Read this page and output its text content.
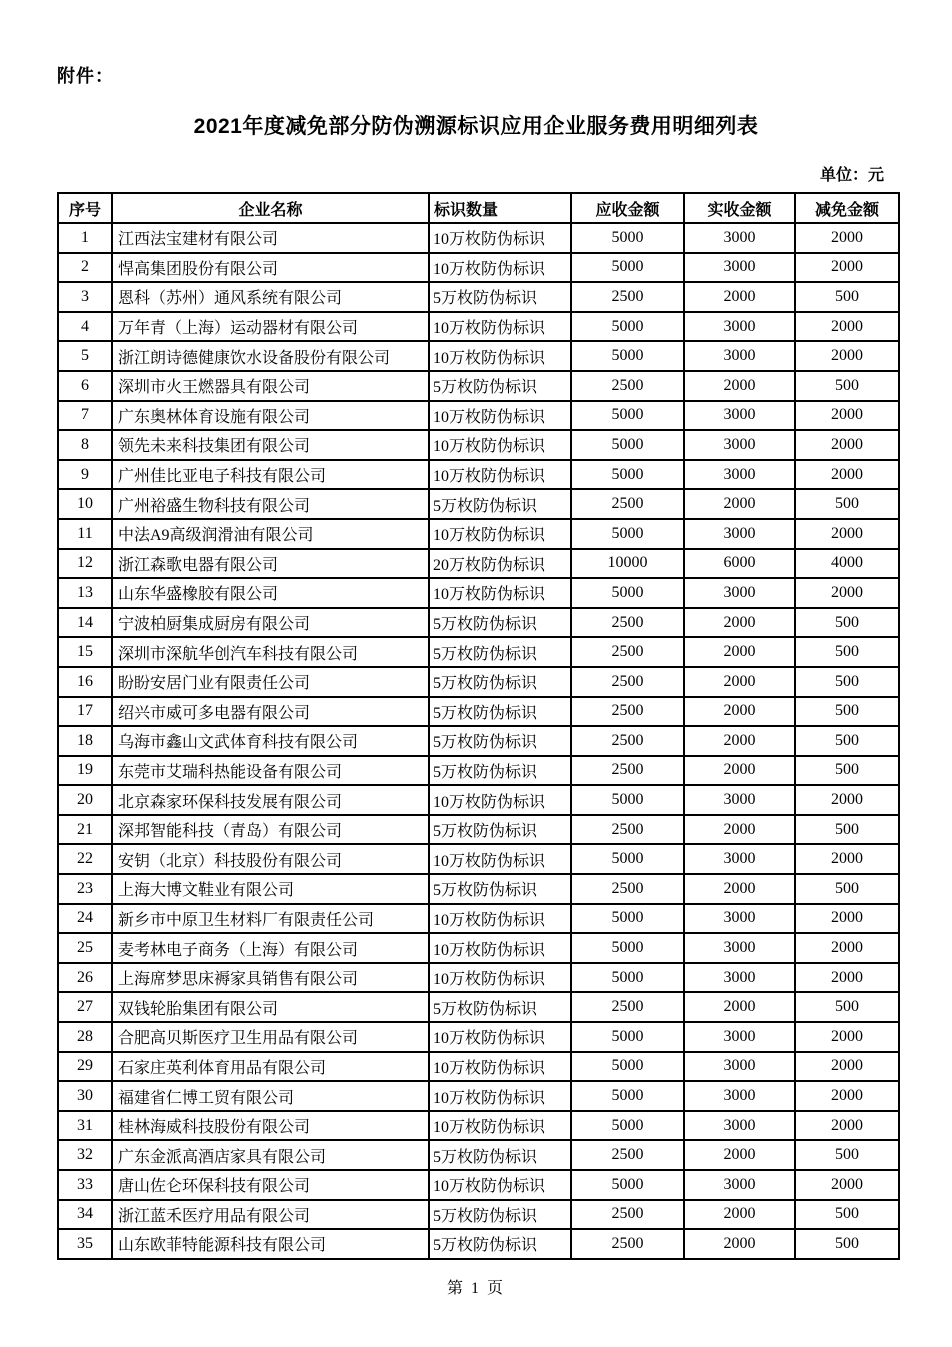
附件：
2021年度减免部分防伪溯源标识应用企业服务费用明细列表
单位：元
序号	企业名称	标识数量	应收金额	实收金额	减免金额
1	江西法宝建材有限公司	10万枚防伪标识	5000	3000	2000
2	悍高集团股份有限公司	10万枚防伪标识	5000	3000	2000
3	恩科（苏州）通风系统有限公司	5万枚防伪标识	2500	2000	500
4	万年青（上海）运动器材有限公司	10万枚防伪标识	5000	3000	2000
5	浙江朗诗德健康饮水设备股份有限公司	10万枚防伪标识	5000	3000	2000
6	深圳市火王燃器具有限公司	5万枚防伪标识	2500	2000	500
7	广东奥林体育设施有限公司	10万枚防伪标识	5000	3000	2000
8	领先未来科技集团有限公司	10万枚防伪标识	5000	3000	2000
9	广州佳比亚电子科技有限公司	10万枚防伪标识	5000	3000	2000
10	广州裕盛生物科技有限公司	5万枚防伪标识	2500	2000	500
11	中法A9高级润滑油有限公司	10万枚防伪标识	5000	3000	2000
12	浙江森歌电器有限公司	20万枚防伪标识	10000	6000	4000
13	山东华盛橡胶有限公司	10万枚防伪标识	5000	3000	2000
14	宁波柏厨集成厨房有限公司	5万枚防伪标识	2500	2000	500
15	深圳市深航华创汽车科技有限公司	5万枚防伪标识	2500	2000	500
16	盼盼安居门业有限责任公司	5万枚防伪标识	2500	2000	500
17	绍兴市威可多电器有限公司	5万枚防伪标识	2500	2000	500
18	乌海市鑫山文武体育科技有限公司	5万枚防伪标识	2500	2000	500
19	东莞市艾瑞科热能设备有限公司	5万枚防伪标识	2500	2000	500
20	北京森家环保科技发展有限公司	10万枚防伪标识	5000	3000	2000
21	深邦智能科技（青岛）有限公司	5万枚防伪标识	2500	2000	500
22	安钥（北京）科技股份有限公司	10万枚防伪标识	5000	3000	2000
23	上海大博文鞋业有限公司	5万枚防伪标识	2500	2000	500
24	新乡市中原卫生材料厂有限责任公司	10万枚防伪标识	5000	3000	2000
25	麦考林电子商务（上海）有限公司	10万枚防伪标识	5000	3000	2000
26	上海席梦思床褥家具销售有限公司	10万枚防伪标识	5000	3000	2000
27	双钱轮胎集团有限公司	5万枚防伪标识	2500	2000	500
28	合肥高贝斯医疗卫生用品有限公司	10万枚防伪标识	5000	3000	2000
29	石家庄英利体育用品有限公司	10万枚防伪标识	5000	3000	2000
30	福建省仁博工贸有限公司	10万枚防伪标识	5000	3000	2000
31	桂林海威科技股份有限公司	10万枚防伪标识	5000	3000	2000
32	广东金派高酒店家具有限公司	5万枚防伪标识	2500	2000	500
33	唐山佐仑环保科技有限公司	10万枚防伪标识	5000	3000	2000
34	浙江蓝禾医疗用品有限公司	5万枚防伪标识	2500	2000	500
35	山东欧菲特能源科技有限公司	5万枚防伪标识	2500	2000	500
第 1 页
